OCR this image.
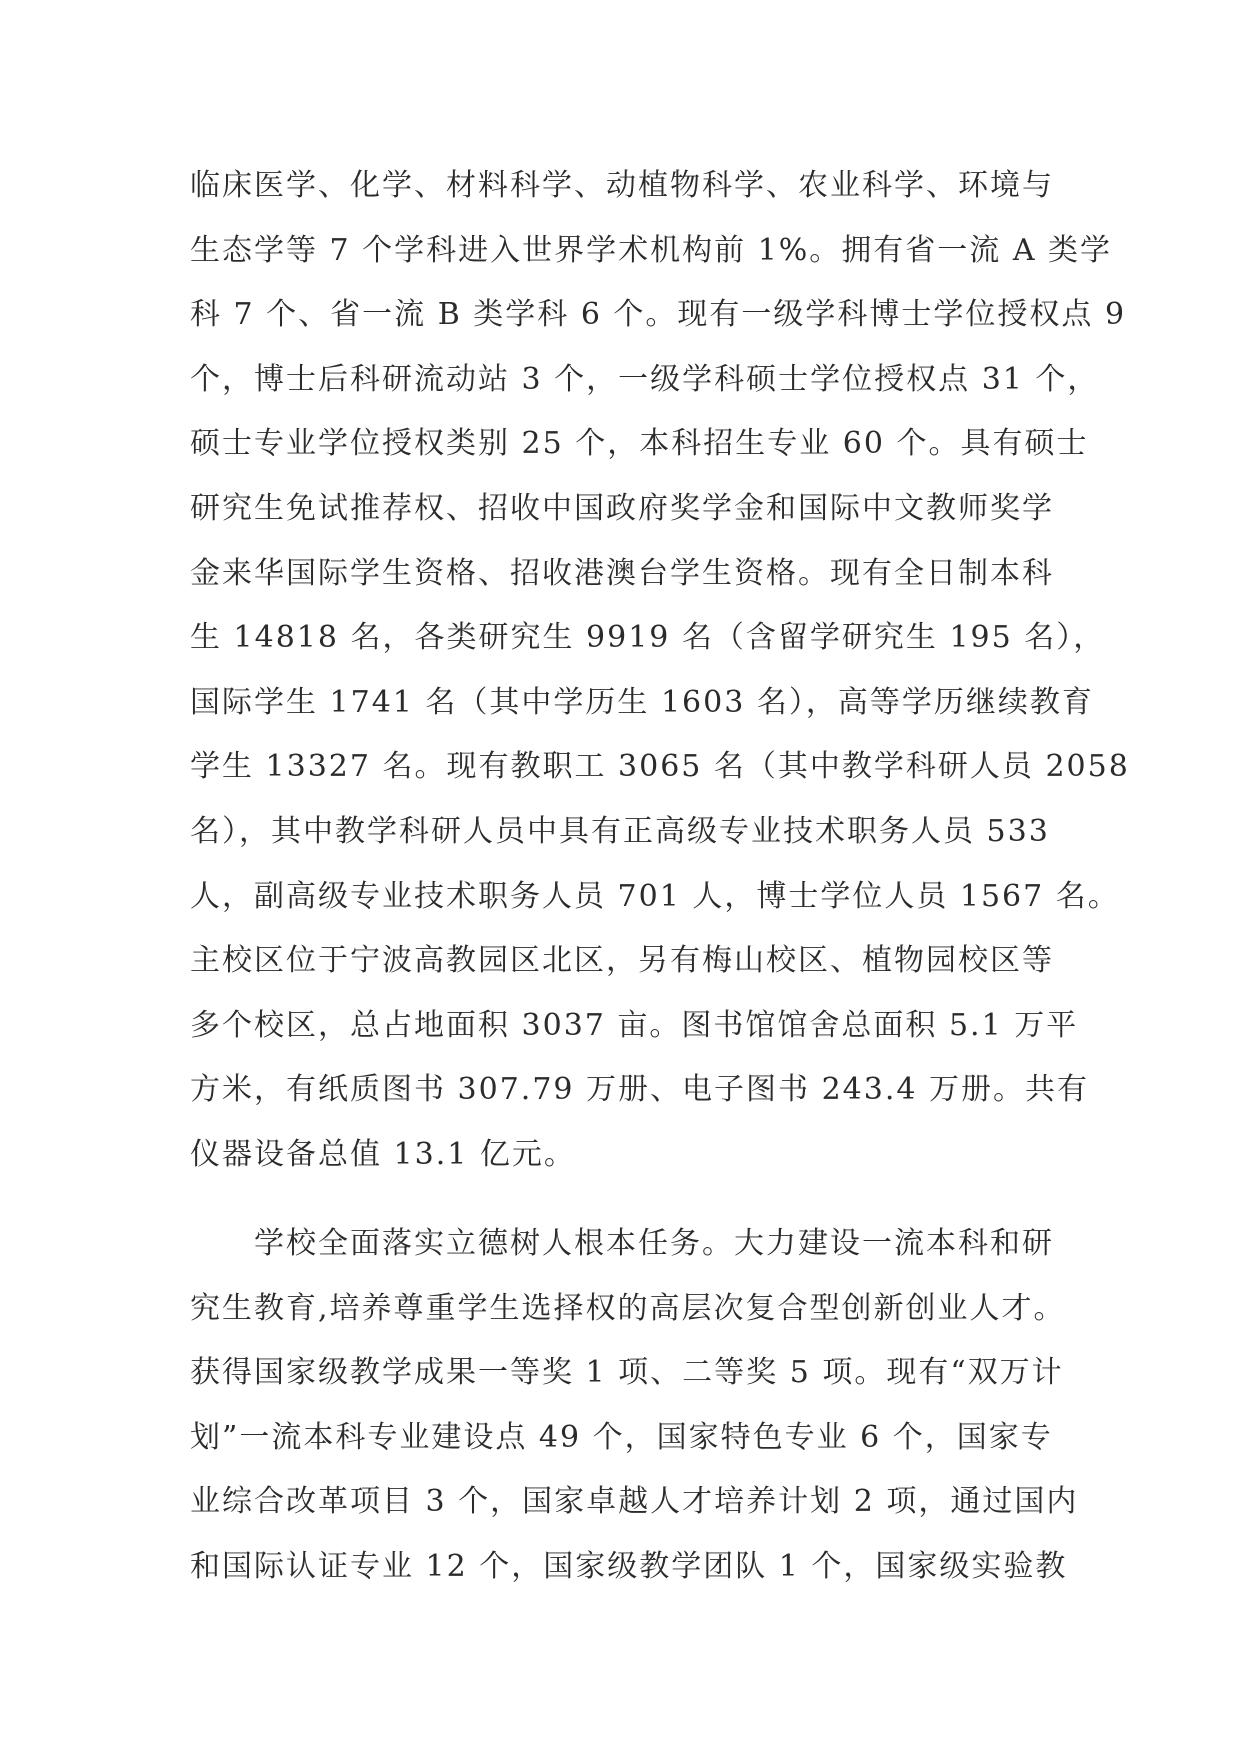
临床医学、化学、材料科学、动植物科学、农业科学、环境与
生态学等 7 个学科进入世界学术机构前 1%。拥有省一流 A 类学
科 7 个、省一流 B 类学科 6 个。现有一级学科博士学位授权点 9
个，博士后科研流动站 3 个，一级学科硕士学位授权点 31 个，
硕士专业学位授权类别 25 个，本科招生专业 60 个。具有硕士
研究生免试推荐权、招收中国政府奖学金和国际中文教师奖学
金来华国际学生资格、招收港澳台学生资格。现有全日制本科
生 14818 名，各类研究生 9919 名（含留学研究生 195 名），
国际学生 1741 名（其中学历生 1603 名），高等学历继续教育
学生 13327 名。现有教职工 3065 名（其中教学科研人员 2058
名），其中教学科研人员中具有正高级专业技术职务人员 533
人，副高级专业技术职务人员 701 人，博士学位人员 1567 名。
主校区位于宁波高教园区北区，另有梅山校区、植物园校区等
多个校区，总占地面积 3037 亩。图书馆馆舍总面积 5.1 万平
方米，有纸质图书 307.79 万册、电子图书 243.4 万册。共有
仪器设备总值 13.1 亿元。
学校全面落实立德树人根本任务。大力建设一流本科和研
究生教育,培养尊重学生选择权的高层次复合型创新创业人才。
获得国家级教学成果一等奖 1 项、二等奖 5 项。现有“双万计
划”一流本科专业建设点 49 个，国家特色专业 6 个，国家专
业综合改革项目 3 个，国家卓越人才培养计划 2 项，通过国内
和国际认证专业 12 个，国家级教学团队 1 个，国家级实验教
